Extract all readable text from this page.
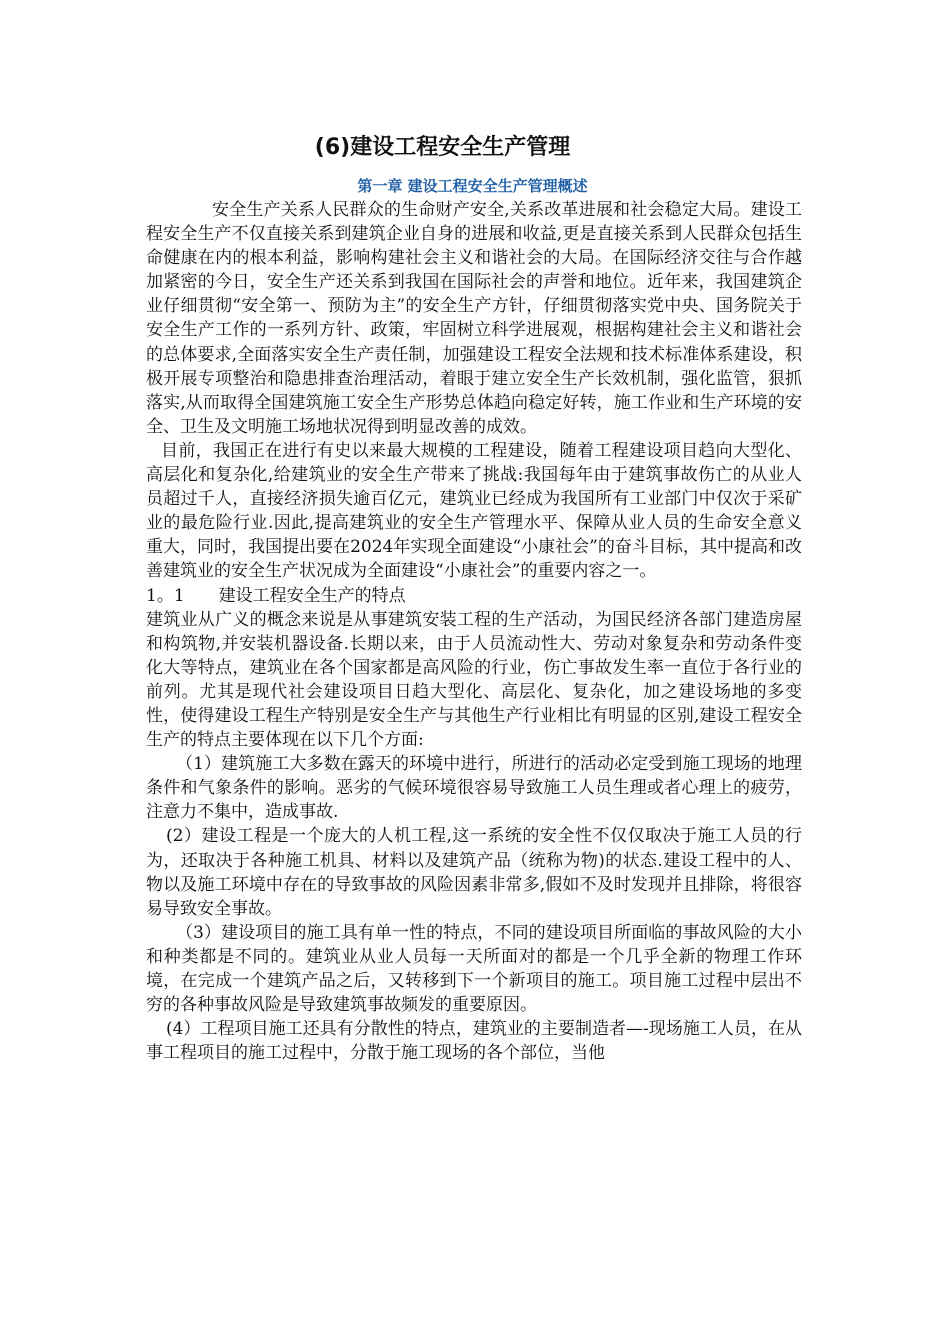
(6)建设工程安全生产管理
第一章 建设工程安全生产管理概述

安全生产关系人民群众的生命财产安全,关系改革进展和社会稳定大局。建设工程安全生产不仅直接关系到建筑企业自身的进展和收益,更是直接关系到人民群众包括生命健康在内的根本利益，影响构建社会主义和谐社会的大局。在国际经济交往与合作越加紧密的今日，安全生产还关系到我国在国际社会的声誉和地位。近年来，我国建筑企业仔细贯彻“安全第一、预防为主”的安全生产方针，仔细贯彻落实党中央、国务院关于安全生产工作的一系列方针、政策，牢固树立科学进展观，根据构建社会主义和谐社会的总体要求,全面落实安全生产责任制，加强建设工程安全法规和技术标准体系建设，积极开展专项整治和隐患排查治理活动，着眼于建立安全生产长效机制，强化监管，狠抓落实,从而取得全国建筑施工安全生产形势总体趋向稳定好转，施工作业和生产环境的安全、卫生及文明施工场地状况得到明显改善的成效。

目前，我国正在进行有史以来最大规模的工程建设，随着工程建设项目趋向大型化、高层化和复杂化,给建筑业的安全生产带来了挑战:我国每年由于建筑事故伤亡的从业人员超过千人，直接经济损失逾百亿元，建筑业已经成为我国所有工业部门中仅次于采矿业的最危险行业.因此,提高建筑业的安全生产管理水平、保障从业人员的生命安全意义重大，同时，我国提出要在2024年实现全面建设“小康社会”的奋斗目标，其中提高和改善建筑业的安全生产状况成为全面建设“小康社会”的重要内容之一。

1。1　　建设工程安全生产的特点

建筑业从广义的概念来说是从事建筑安装工程的生产活动，为国民经济各部门建造房屋和构筑物,并安装机器设备.长期以来，由于人员流动性大、劳动对象复杂和劳动条件变化大等特点，建筑业在各个国家都是高风险的行业，伤亡事故发生率一直位于各行业的前列。尤其是现代社会建设项目日趋大型化、高层化、复杂化，加之建设场地的多变性，使得建设工程生产特别是安全生产与其他生产行业相比有明显的区别,建设工程安全生产的特点主要体现在以下几个方面:

（1）建筑施工大多数在露天的环境中进行，所进行的活动必定受到施工现场的地理条件和气象条件的影响。恶劣的气候环境很容易导致施工人员生理或者心理上的疲劳，注意力不集中，造成事故.

(2）建设工程是一个庞大的人机工程,这一系统的安全性不仅仅取决于施工人员的行为，还取决于各种施工机具、材料以及建筑产品（统称为物)的状态.建设工程中的人、物以及施工环境中存在的导致事故的风险因素非常多,假如不及时发现并且排除，将很容易导致安全事故。

（3）建设项目的施工具有单一性的特点，不同的建设项目所面临的事故风险的大小和种类都是不同的。建筑业从业人员每一天所面对的都是一个几乎全新的物理工作环境，在完成一个建筑产品之后，又转移到下一个新项目的施工。项目施工过程中层出不穷的各种事故风险是导致建筑事故频发的重要原因。

(4）工程项目施工还具有分散性的特点，建筑业的主要制造者—-现场施工人员，在从事工程项目的施工过程中，分散于施工现场的各个部位，当他
